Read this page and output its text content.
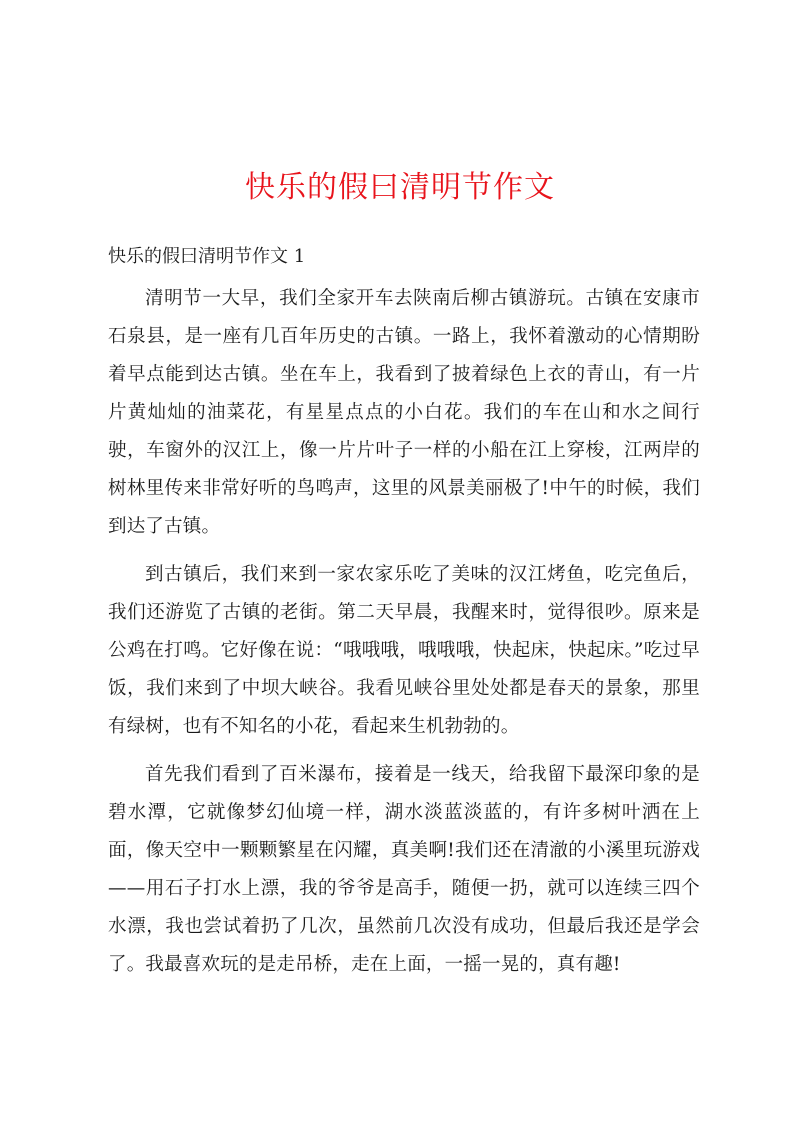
快乐的假曰清明节作文

快乐的假曰清明节作文 1

清明节一大早，我们全家开车去陕南后柳古镇游玩。古镇在安康市石泉县，是一座有几百年历史的古镇。一路上，我怀着激动的心情期盼着早点能到达古镇。坐在车上，我看到了披着绿色上衣的青山，有一片片黄灿灿的油菜花，有星星点点的小白花。我们的车在山和水之间行驶，车窗外的汉江上，像一片片叶子一样的小船在江上穿梭，江两岸的树林里传来非常好听的鸟鸣声，这里的风景美丽极了!中午的时候，我们到达了古镇。

到古镇后，我们来到一家农家乐吃了美味的汉江烤鱼，吃完鱼后，我们还游览了古镇的老街。第二天早晨，我醒来时，觉得很吵。原来是公鸡在打鸣。它好像在说：“哦哦哦，哦哦哦，快起床，快起床。”吃过早饭，我们来到了中坝大峡谷。我看见峡谷里处处都是春天的景象，那里有绿树，也有不知名的小花，看起来生机勃勃的。

首先我们看到了百米瀑布，接着是一线天，给我留下最深印象的是碧水潭，它就像梦幻仙境一样，湖水淡蓝淡蓝的，有许多树叶洒在上面，像天空中一颗颗繁星在闪耀，真美啊!我们还在清澈的小溪里玩游戏——用石子打水上漂，我的爷爷是高手，随便一扔，就可以连续三四个水漂，我也尝试着扔了几次，虽然前几次没有成功，但最后我还是学会了。我最喜欢玩的是走吊桥，走在上面，一摇一晃的，真有趣!
